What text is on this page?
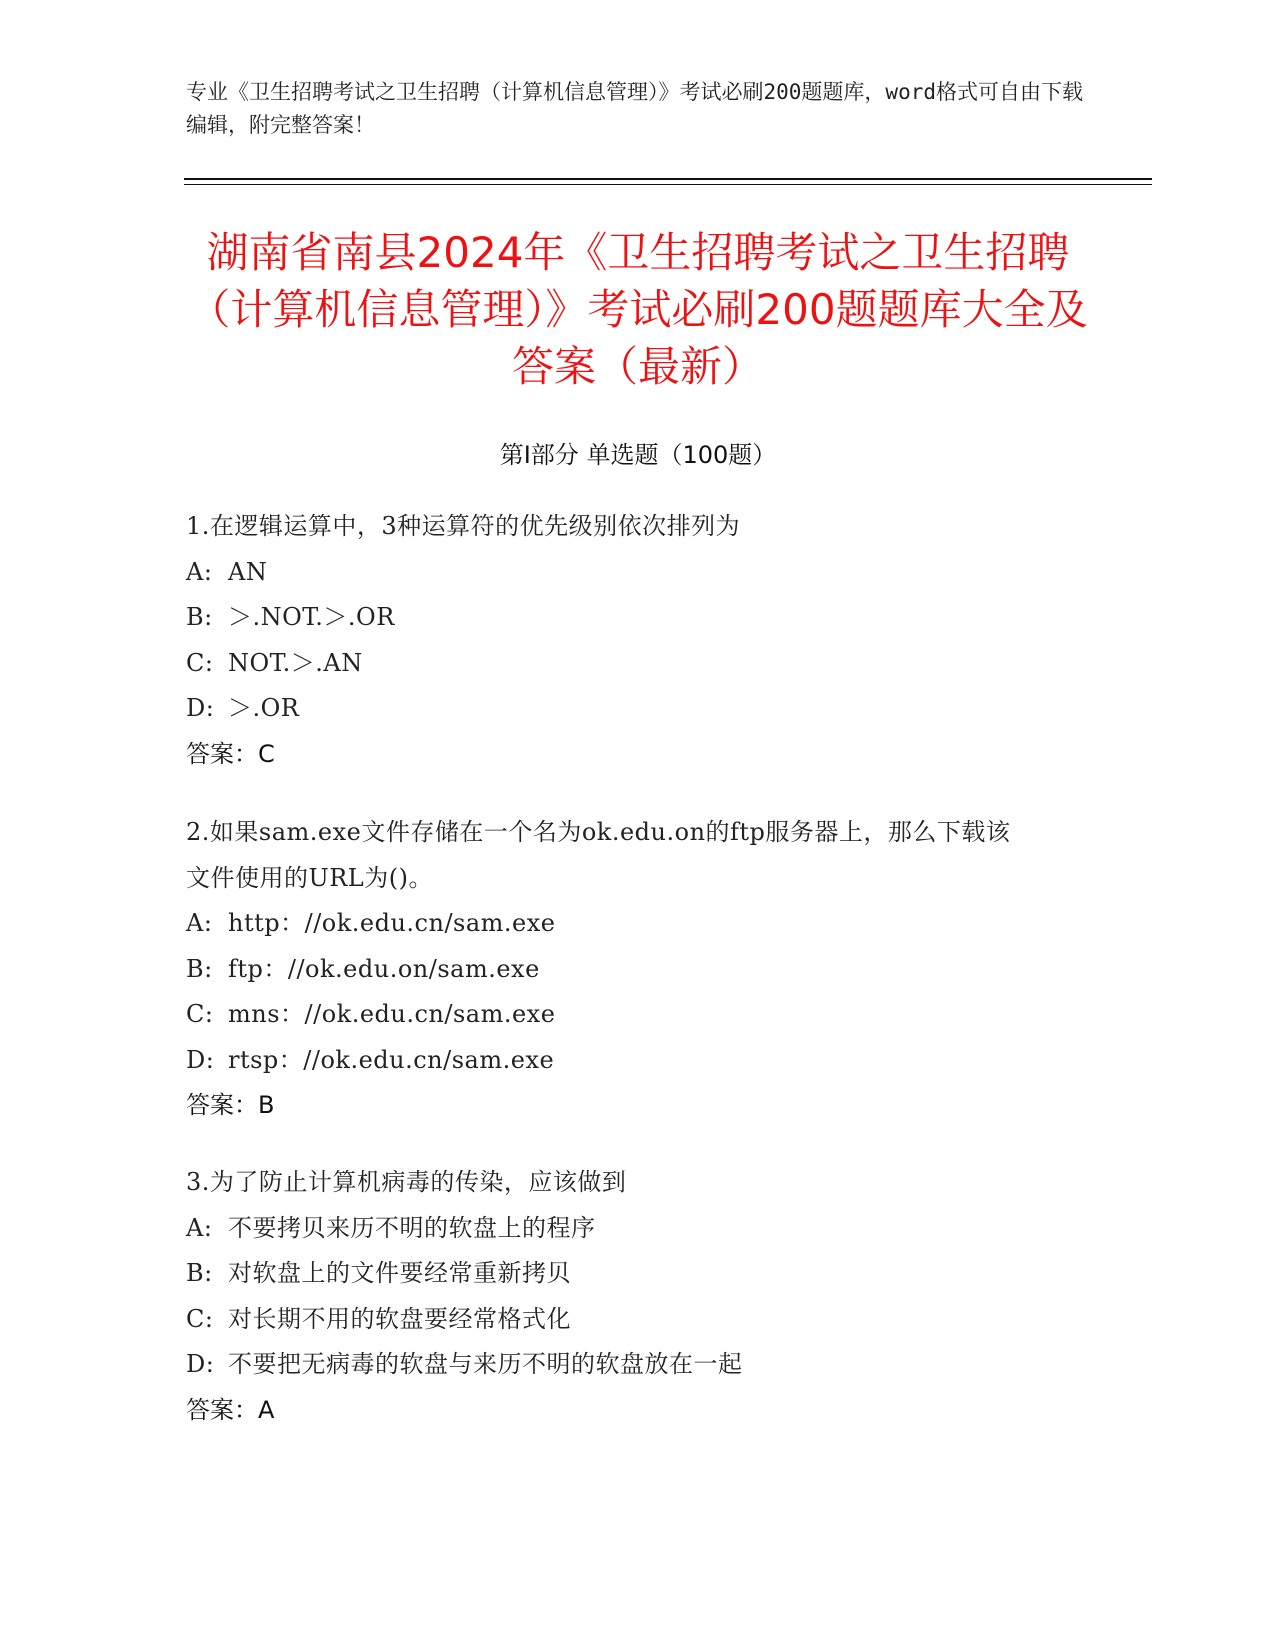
专业《卫生招聘考试之卫生招聘（计算机信息管理）》考试必刷200题题库，word格式可自由下载编辑，附完整答案！
湖南省南县2024年《卫生招聘考试之卫生招聘（计算机信息管理）》考试必刷200题题库大全及答案（最新）
第Ⅰ部分 单选题（100题）

1.在逻辑运算中，3种运算符的优先级别依次排列为

A: AN

B: ＞.NOT.＞.OR

C: NOT.＞.AN

D: ＞.OR

答案：C

2.如果sam.exe文件存储在一个名为ok.edu.on的ftp服务器上，那么下载该文件使用的URL为()。

A: http：//ok.edu.cn/sam.exe

B: ftp：//ok.edu.on/sam.exe

C: mns：//ok.edu.cn/sam.exe

D: rtsp：//ok.edu.cn/sam.exe

答案：B

3.为了防止计算机病毒的传染，应该做到

A: 不要拷贝来历不明的软盘上的程序

B: 对软盘上的文件要经常重新拷贝

C: 对长期不用的软盘要经常格式化

D: 不要把无病毒的软盘与来历不明的软盘放在一起

答案：A
